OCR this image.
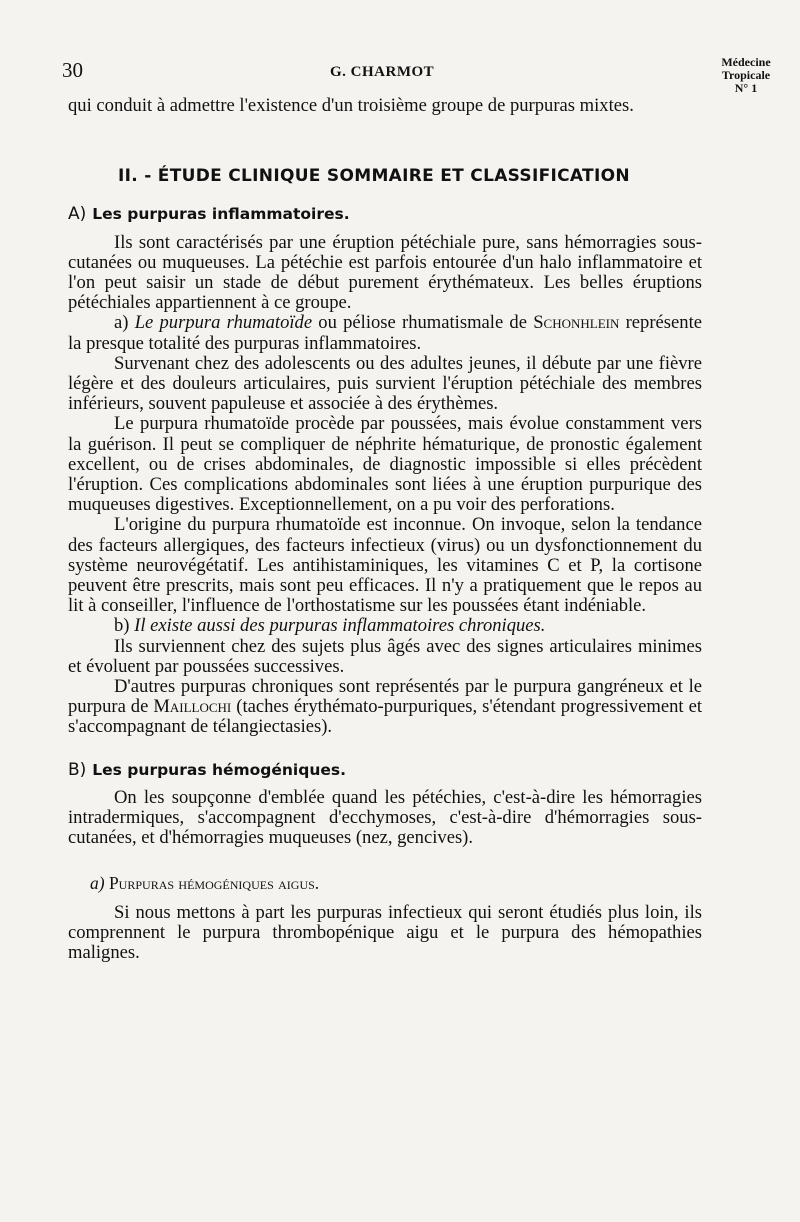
30	G. CHARMOT
Médecine
Tropicale
N° 1

qui conduit à admettre l'existence d'un troisième groupe de purpuras mixtes.

II. - ÉTUDE CLINIQUE SOMMAIRE ET CLASSIFICATION
A) Les purpuras inflammatoires.

Ils sont caractérisés par une éruption pétéchiale pure, sans hémorragies sous-cutanées ou muqueuses. La pétéchie est parfois entourée d'un halo inflammatoire et l'on peut saisir un stade de début purement érythémateux. Les belles éruptions pétéchiales appartiennent à ce groupe.

a) Le purpura rhumatoïde ou péliose rhumatismale de Schonhlein représente la presque totalité des purpuras inflammatoires.

Survenant chez des adolescents ou des adultes jeunes, il débute par une fièvre légère et des douleurs articulaires, puis survient l'éruption pétéchiale des membres inférieurs, souvent papuleuse et associée à des érythèmes.

Le purpura rhumatoïde procède par poussées, mais évolue constamment vers la guérison. Il peut se compliquer de néphrite hématurique, de pronostic également excellent, ou de crises abdominales, de diagnostic impossible si elles précèdent l'éruption. Ces complications abdominales sont liées à une éruption purpurique des muqueuses digestives. Exceptionnellement, on a pu voir des perforations.

L'origine du purpura rhumatoïde est inconnue. On invoque, selon la tendance des facteurs allergiques, des facteurs infectieux (virus) ou un dysfonctionnement du système neurovégétatif. Les antihistaminiques, les vitamines C et P, la cortisone peuvent être prescrits, mais sont peu efficaces. Il n'y a pratiquement que le repos au lit à conseiller, l'influence de l'orthostatisme sur les poussées étant indéniable.

b) Il existe aussi des purpuras inflammatoires chroniques.

Ils surviennent chez des sujets plus âgés avec des signes articulaires minimes et évoluent par poussées successives.

D'autres purpuras chroniques sont représentés par le purpura gangréneux et le purpura de Maillochi (taches érythémato-purpuriques, s'étendant progressivement et s'accompagnant de télangiectasies).

B) Les purpuras hémogéniques.

On les soupçonne d'emblée quand les pétéchies, c'est-à-dire les hémorragies intradermiques, s'accompagnent d'ecchymoses, c'est-à-dire d'hémorragies sous-cutanées, et d'hémorragies muqueuses (nez, gencives).

a) Purpuras hémogéniques aigus.

Si nous mettons à part les purpuras infectieux qui seront étudiés plus loin, ils comprennent le purpura thrombopénique aigu et le purpura des hémopathies malignes.
